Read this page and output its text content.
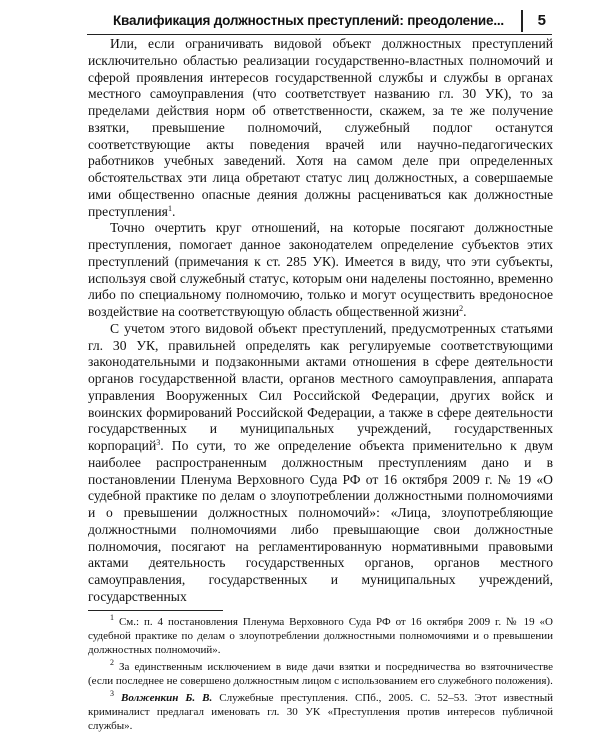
Квалификация должностных преступлений: преодоление... 5

Или, если ограничивать видовой объект должностных преступлений исключительно областью реализации государственно-властных полномочий и сферой проявления интересов государственной службы и службы в органах местного самоуправления (что соответствует названию гл. 30 УК), то за пределами действия норм об ответственности, скажем, за те же получение взятки, превышение полномочий, служебный подлог останутся соответствующие акты поведения врачей или научно-педагогических работников учебных заведений. Хотя на самом деле при определенных обстоятельствах эти лица обретают статус лиц должностных, а совершаемые ими общественно опасные деяния должны расцениваться как должностные преступления$^1$.

Точно очертить круг отношений, на которые посягают должностные преступления, помогает данное законодателем определение субъектов этих преступлений (примечания к ст. 285 УК). Имеется в виду, что эти субъекты, используя свой служебный статус, которым они наделены постоянно, временно либо по специальному полномочию, только и могут осуществить вредоносное воздействие на соответствующую область общественной жизни$^2$.

С учетом этого видовой объект преступлений, предусмотренных статьями гл. 30 УК, правильней определять как регулируемые соответствующими законодательными и подзаконными актами отношения в сфере деятельности органов государственной власти, органов местного самоуправления, аппарата управления Вооруженных Сил Российской Федерации, других войск и воинских формирований Российской Федерации, а также в сфере деятельности государственных и муниципальных учреждений, государственных корпораций$^3$. По сути, то же определение объекта применительно к двум наиболее распространенным должностным преступлениям дано и в постановлении Пленума Верховного Суда РФ от 16 октября 2009 г. № 19 «О судебной практике по делам о злоупотреблении должностными полномочиями и о превышении должностных полномочий»: «Лица, злоупотребляющие должностными полномочиями либо превышающие свои должностные полномочия, посягают на регламентированную нормативными правовыми актами деятельность государственных органов, органов местного самоуправления, государственных и муниципальных учреждений, государственных

$^1$ См.: п. 4 постановления Пленума Верховного Суда РФ от 16 октября 2009 г. № 19 «О судебной практике по делам о злоупотреблении должностными полномочиями и о превышении должностных полномочий».

$^2$ За единственным исключением в виде дачи взятки и посредничества во взяточничестве (если последнее не совершено должностным лицом с использованием его служебного положения).

$^3$ Волженкин Б. В. Служебные преступления. СПб., 2005. С. 52–53. Этот известный криминалист предлагал именовать гл. 30 УК «Преступления против интересов публичной службы».
